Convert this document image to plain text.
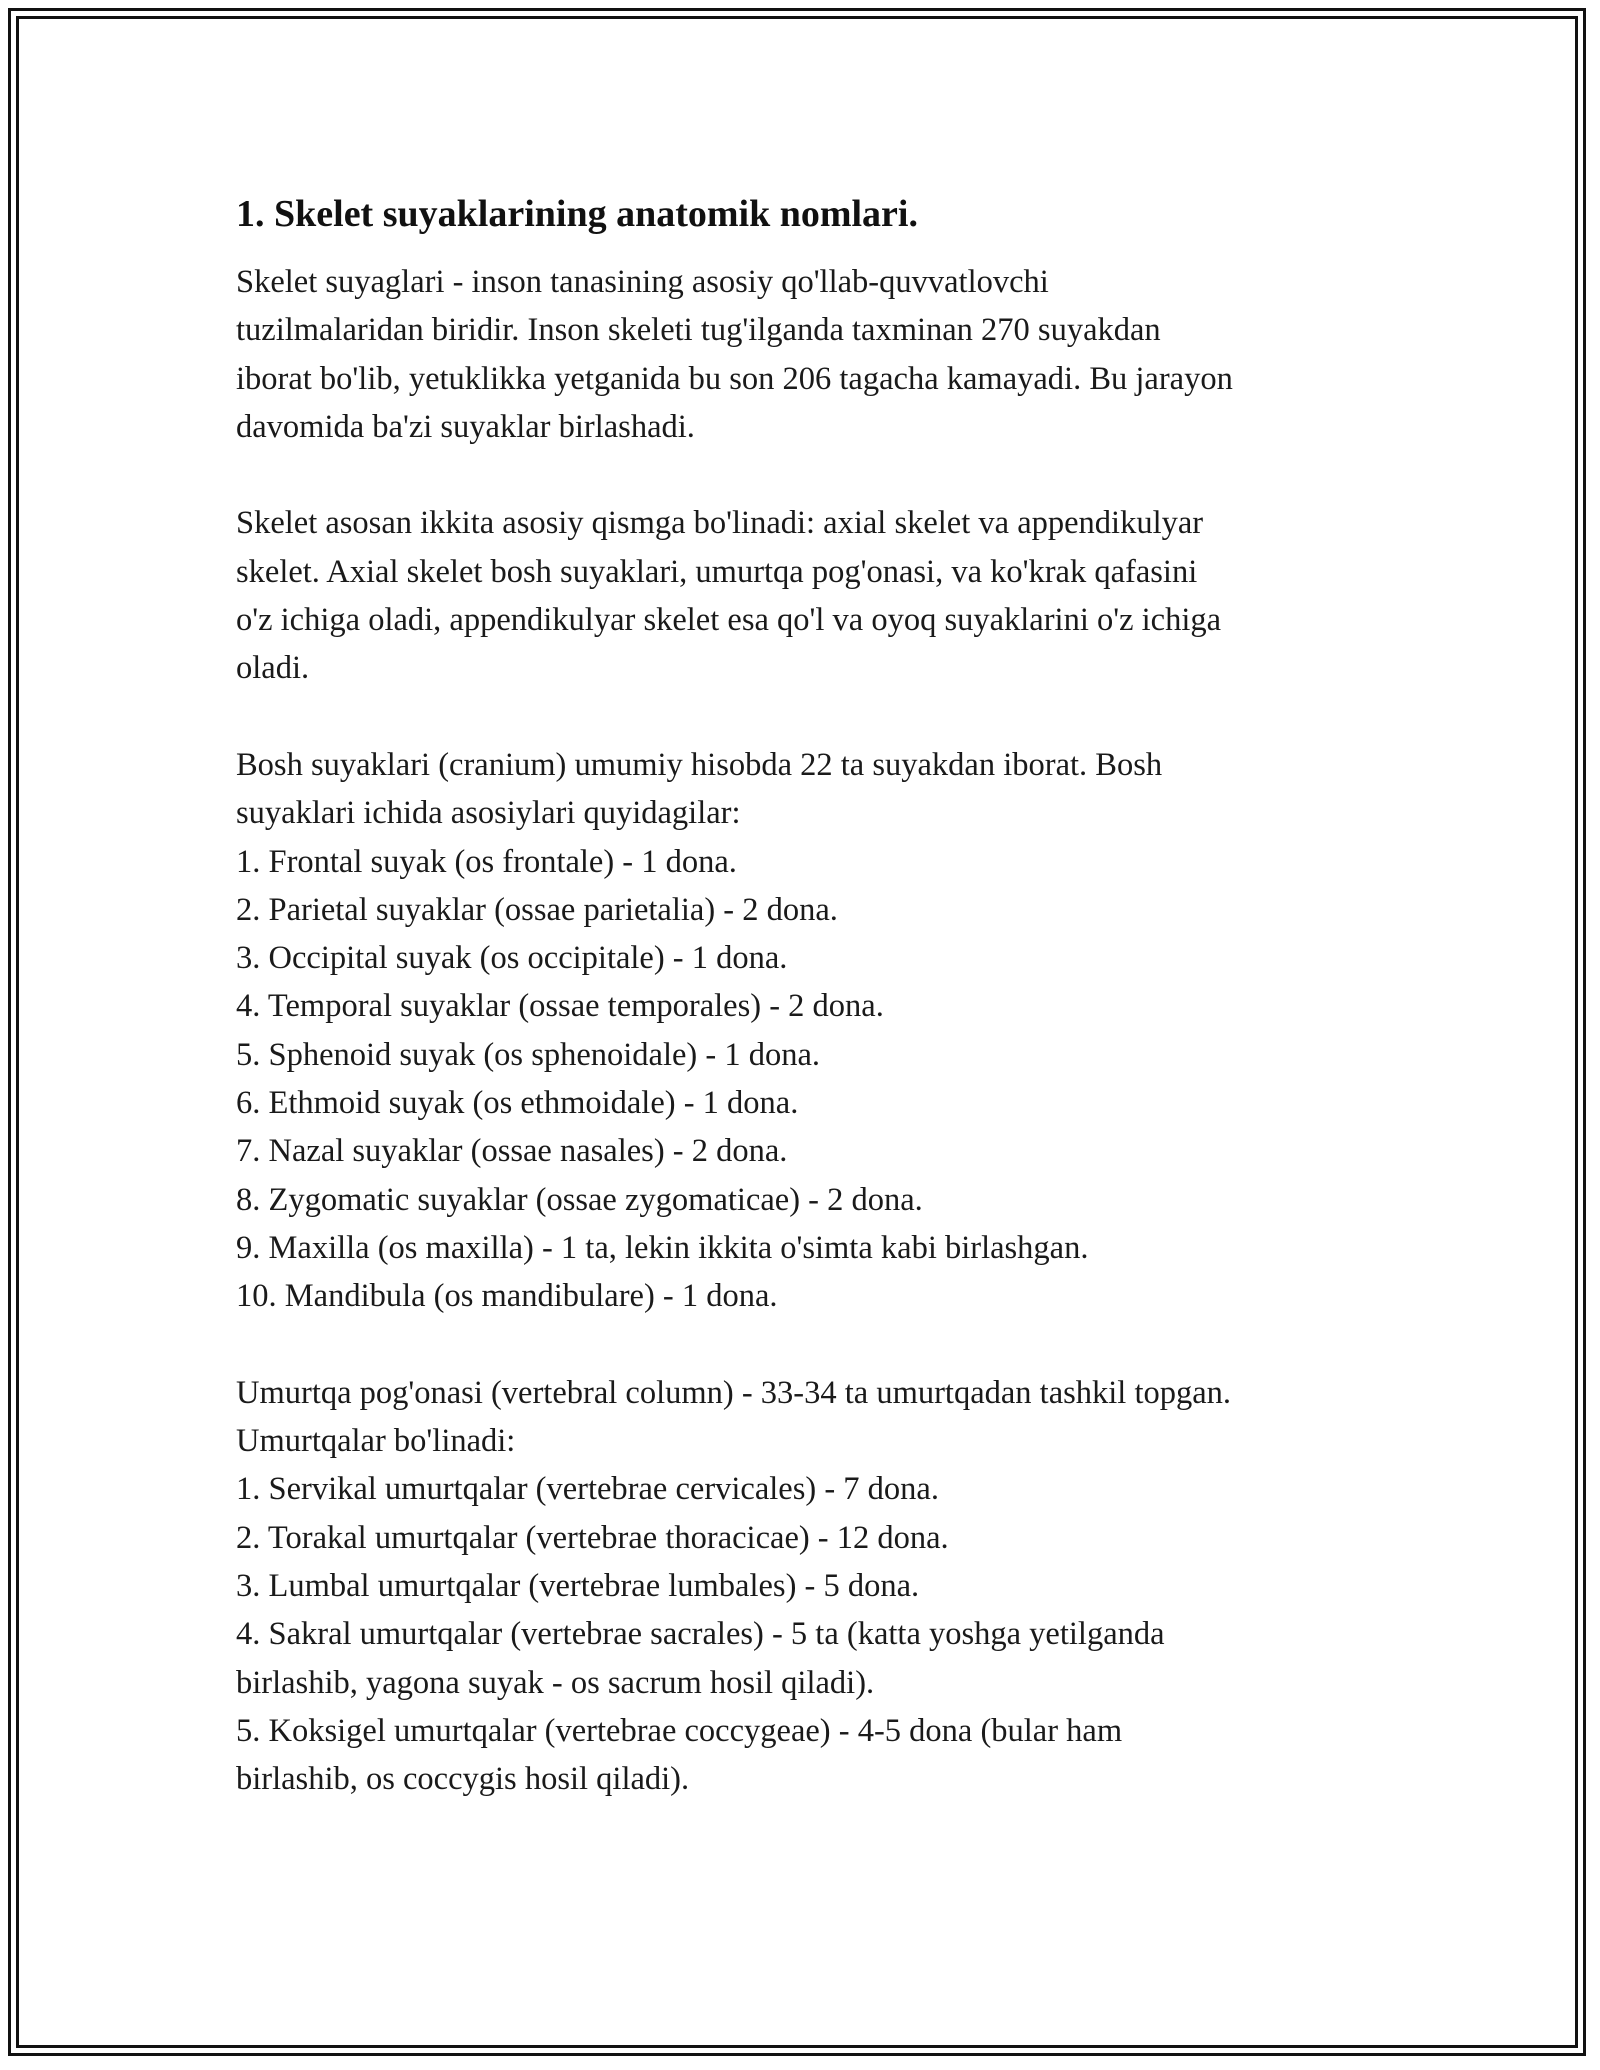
1. Skelet suyaklarining anatomik nomlari.

Skelet suyaglari - inson tanasining asosiy qo'llab-quvvatlovchi
tuzilmalaridan biridir. Inson skeleti tug'ilganda taxminan 270 suyakdan
iborat bo'lib, yetuklikka yetganida bu son 206 tagacha kamayadi. Bu jarayon
davomida ba'zi suyaklar birlashadi.

Skelet asosan ikkita asosiy qismga bo'linadi: axial skelet va appendikulyar
skelet. Axial skelet bosh suyaklari, umurtqa pog'onasi, va ko'krak qafasini
o'z ichiga oladi, appendikulyar skelet esa qo'l va oyoq suyaklarini o'z ichiga
oladi.

Bosh suyaklari (cranium) umumiy hisobda 22 ta suyakdan iborat. Bosh
suyaklari ichida asosiylari quyidagilar:
1. Frontal suyak (os frontale) - 1 dona.
2. Parietal suyaklar (ossae parietalia) - 2 dona.
3. Occipital suyak (os occipitale) - 1 dona.
4. Temporal suyaklar (ossae temporales) - 2 dona.
5. Sphenoid suyak (os sphenoidale) - 1 dona.
6. Ethmoid suyak (os ethmoidale) - 1 dona.
7. Nazal suyaklar (ossae nasales) - 2 dona.
8. Zygomatic suyaklar (ossae zygomaticae) - 2 dona.
9. Maxilla (os maxilla) - 1 ta, lekin ikkita o'simta kabi birlashgan.
10. Mandibula (os mandibulare) - 1 dona.

Umurtqa pog'onasi (vertebral column) - 33-34 ta umurtqadan tashkil topgan.
Umurtqalar bo'linadi:
1. Servikal umurtqalar (vertebrae cervicales) - 7 dona.
2. Torakal umurtqalar (vertebrae thoracicae) - 12 dona.
3. Lumbal umurtqalar (vertebrae lumbales) - 5 dona.
4. Sakral umurtqalar (vertebrae sacrales) - 5 ta (katta yoshga yetilganda
birlashib, yagona suyak - os sacrum hosil qiladi).
5. Koksigel umurtqalar (vertebrae coccygeae) - 4-5 dona (bular ham
birlashib, os coccygis hosil qiladi).
